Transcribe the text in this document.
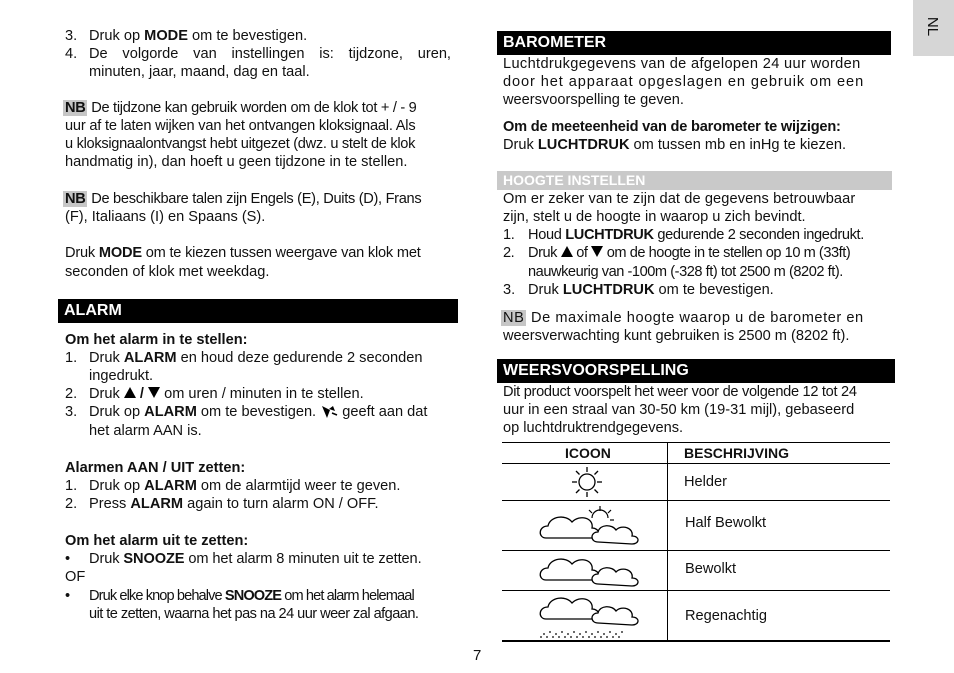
NL
3. Druk op MODE om te bevestigen.
4. De volgorde van instellingen is: tijdzone, uren,
minuten, jaar, maand, dag en taal.
NB De tijdzone kan gebruik worden om de klok tot + / - 9
uur af te laten wijken van het ontvangen kloksignaal. Als
u kloksignaalontvangst hebt uitgezet (dwz. u stelt de klok
handmatig in), dan hoeft u geen tijdzone in te stellen.
NB De beschikbare talen zijn Engels (E), Duits (D), Frans
(F), Italiaans (I) en Spaans (S).
Druk MODE om te kiezen tussen weergave van klok met
seconden of klok met weekdag.
ALARM
Om het alarm in te stellen:
1. Druk ALARM en houd deze gedurende 2 seconden
ingedrukt.
2. Druk  /  om uren / minuten in te stellen.
3. Druk op ALARM om te bevestigen.  geeft aan dat
het alarm AAN is.
Alarmen AAN / UIT zetten:
1. Druk op ALARM om de alarmtijd weer te geven.
2. Press ALARM again to turn alarm ON / OFF.
Om het alarm uit te zetten:
• Druk SNOOZE om het alarm 8 minuten uit te zetten.
OF
• Druk elke knop behalve SNOOZE om het alarm helemaal
uit te zetten, waarna het pas na 24 uur weer zal afgaan.
BAROMETER
Luchtdrukgegevens van de afgelopen 24 uur worden
door het apparaat opgeslagen en gebruik om een
weersvoorspelling te geven.
Om de meeteenheid van de barometer te wijzigen:
Druk LUCHTDRUK om tussen mb en inHg te kiezen.
HOOGTE INSTELLEN
Om er zeker van te zijn dat de gegevens betrouwbaar
zijn, stelt u de hoogte in waarop u zich bevindt.
1. Houd LUCHTDRUK gedurende 2 seconden ingedrukt.
2. Druk  of  om de hoogte in te stellen op 10 m (33ft)
nauwkeurig van -100m (-328 ft) tot 2500 m (8202 ft).
3. Druk LUCHTDRUK om te bevestigen.
NB De maximale hoogte waarop u de barometer en
weersverwachting kunt gebruiken is 2500 m (8202 ft).
WEERSVOORSPELLING
Dit product voorspelt het weer voor de volgende 12 tot 24
uur in een straal van 30-50 km (19-31 mijl), gebaseerd
op luchtdruktrendgegevens.
ICOON	BESCHRIJVING
Helder
Half Bewolkt
Bewolkt
Regenachtig
7
